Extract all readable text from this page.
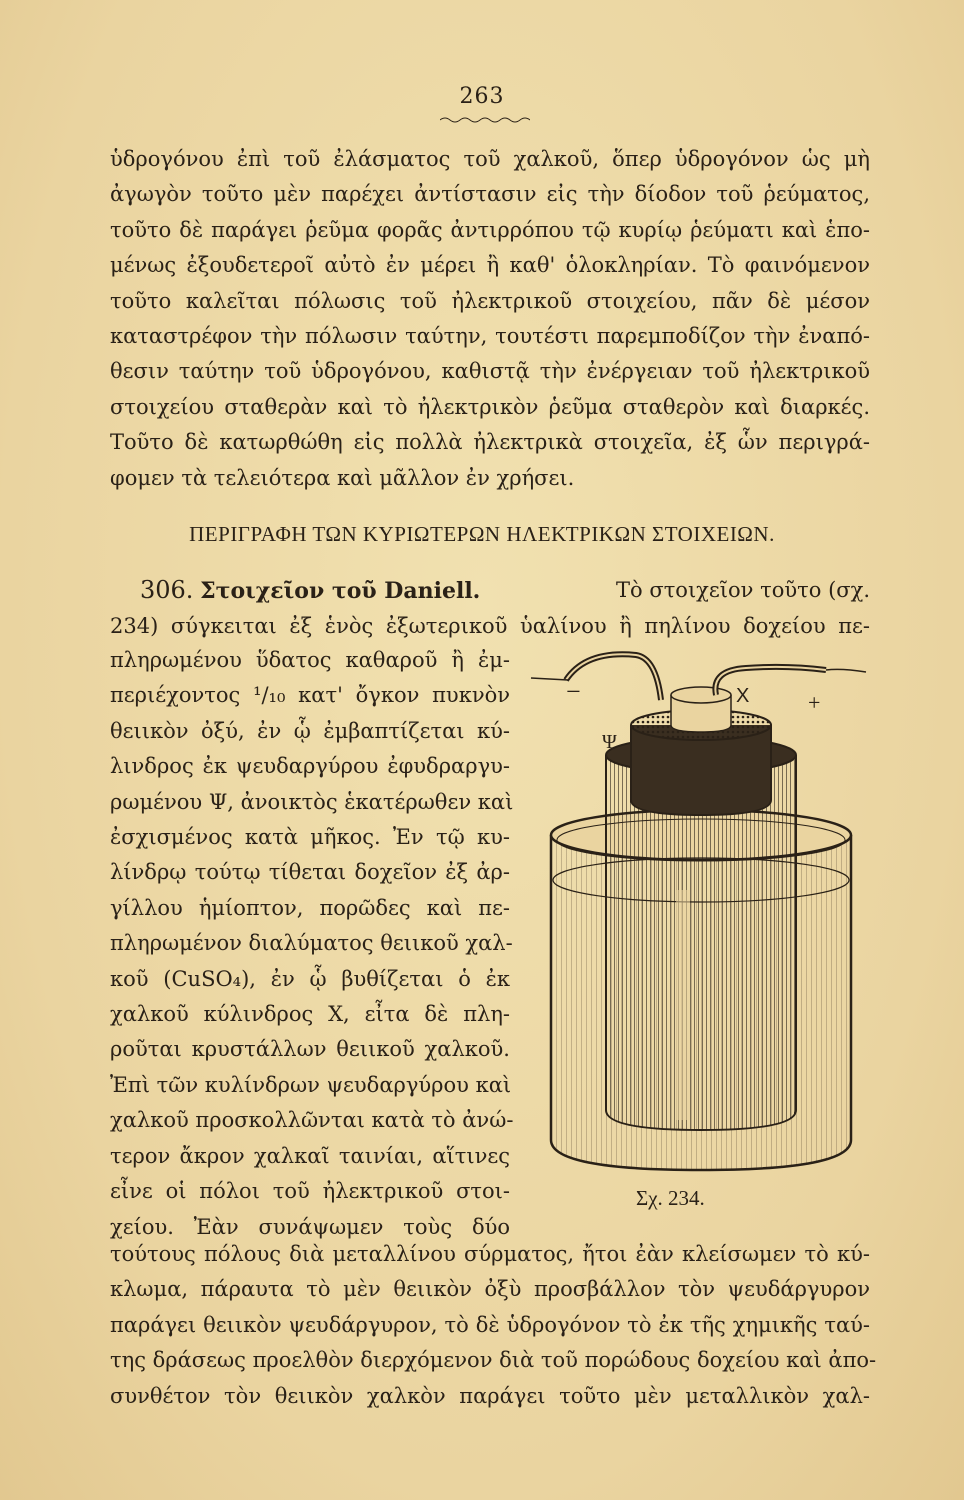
263
ὑδρογόνου ἐπὶ τοῦ ἐλάσματος τοῦ χαλκοῦ, ὅπερ ὑδρογόνον ὡς μὴ
ἀγωγὸν τοῦτο μὲν παρέχει ἀντίστασιν εἰς τὴν δίοδον τοῦ ῥεύματος,
τοῦτο δὲ παράγει ῥεῦμα φορᾶς ἀντιρρόπου τῷ κυρίῳ ῥεύματι καὶ ἑπο-
μένως ἐξουδετεροῖ αὐτὸ ἐν μέρει ἢ καθ' ὁλοκληρίαν. Τὸ φαινόμενον
τοῦτο καλεῖται πόλωσις τοῦ ἠλεκτρικοῦ στοιχείου, πᾶν δὲ μέσον
καταστρέφον τὴν πόλωσιν ταύτην, τουτέστι παρεμποδίζον τὴν ἐναπό-
θεσιν ταύτην τοῦ ὑδρογόνου, καθιστᾷ τὴν ἐνέργειαν τοῦ ἠλεκτρικοῦ
στοιχείου σταθερὰν καὶ τὸ ἠλεκτρικὸν ῥεῦμα σταθερὸν καὶ διαρκές.
Τοῦτο δὲ κατωρθώθη εἰς πολλὰ ἠλεκτρικὰ στοιχεῖα, ἐξ ὧν περιγρά-
φομεν τὰ τελειότερα καὶ μᾶλλον ἐν χρήσει.
ΠΕΡΙΓΡΑΦΗ ΤΩΝ ΚΥΡΙΩΤΕΡΩΝ ΗΛΕΚΤΡΙΚΩΝ ΣΤΟΙΧΕΙΩΝ.
306. Στοιχεῖον τοῦ Daniell.	Τὸ στοιχεῖον τοῦτο (σχ.
234) σύγκειται ἐξ ἑνὸς ἐξωτερικοῦ ὑαλίνου ἢ πηλίνου δοχείου πε-
πληρωμένου ὕδατος καθαροῦ ἢ ἐμ-
περιέχοντος ¹/₁₀ κατ' ὄγκον πυκνὸν
θειικὸν ὀξύ, ἐν ᾧ ἐμβαπτίζεται κύ-
λινδρος ἐκ ψευδαργύρου ἐφυδραργυ-
ρωμένου Ψ, ἀνοικτὸς ἑκατέρωθεν καὶ
ἐσχισμένος κατὰ μῆκος. Ἐν τῷ κυ-
λίνδρῳ τούτῳ τίθεται δοχεῖον ἐξ ἀρ-
γίλλου ἡμίοπτον, πορῶδες καὶ πε-
πληρωμένον διαλύματος θειικοῦ χαλ-
κοῦ (CuSO₄), ἐν ᾧ βυθίζεται ὁ ἐκ
χαλκοῦ κύλινδρος Χ, εἶτα δὲ πλη-
ροῦται κρυστάλλων θειικοῦ χαλκοῦ.
Ἐπὶ τῶν κυλίνδρων ψευδαργύρου καὶ
χαλκοῦ προσκολλῶνται κατὰ τὸ ἀνώ-
τερον ἄκρον χαλκαῖ ταινίαι, αἵτινες
εἶνε οἱ πόλοι τοῦ ἠλεκτρικοῦ στοι-
χείου. Ἐὰν συνάψωμεν τοὺς δύο
−	+
X
Ψ
Σχ. 234.
τούτους πόλους διὰ μεταλλίνου σύρματος, ἤτοι ἐὰν κλείσωμεν τὸ κύ-
κλωμα, πάραυτα τὸ μὲν θειικὸν ὀξὺ προσβάλλον τὸν ψευδάργυρον
παράγει θειικὸν ψευδάργυρον, τὸ δὲ ὑδρογόνον τὸ ἐκ τῆς χημικῆς ταύ-
της δράσεως προελθὸν διερχόμενον διὰ τοῦ πορώδους δοχείου καὶ ἀπο-
συνθέτον τὸν θειικὸν χαλκὸν παράγει τοῦτο μὲν μεταλλικὸν χαλ-
